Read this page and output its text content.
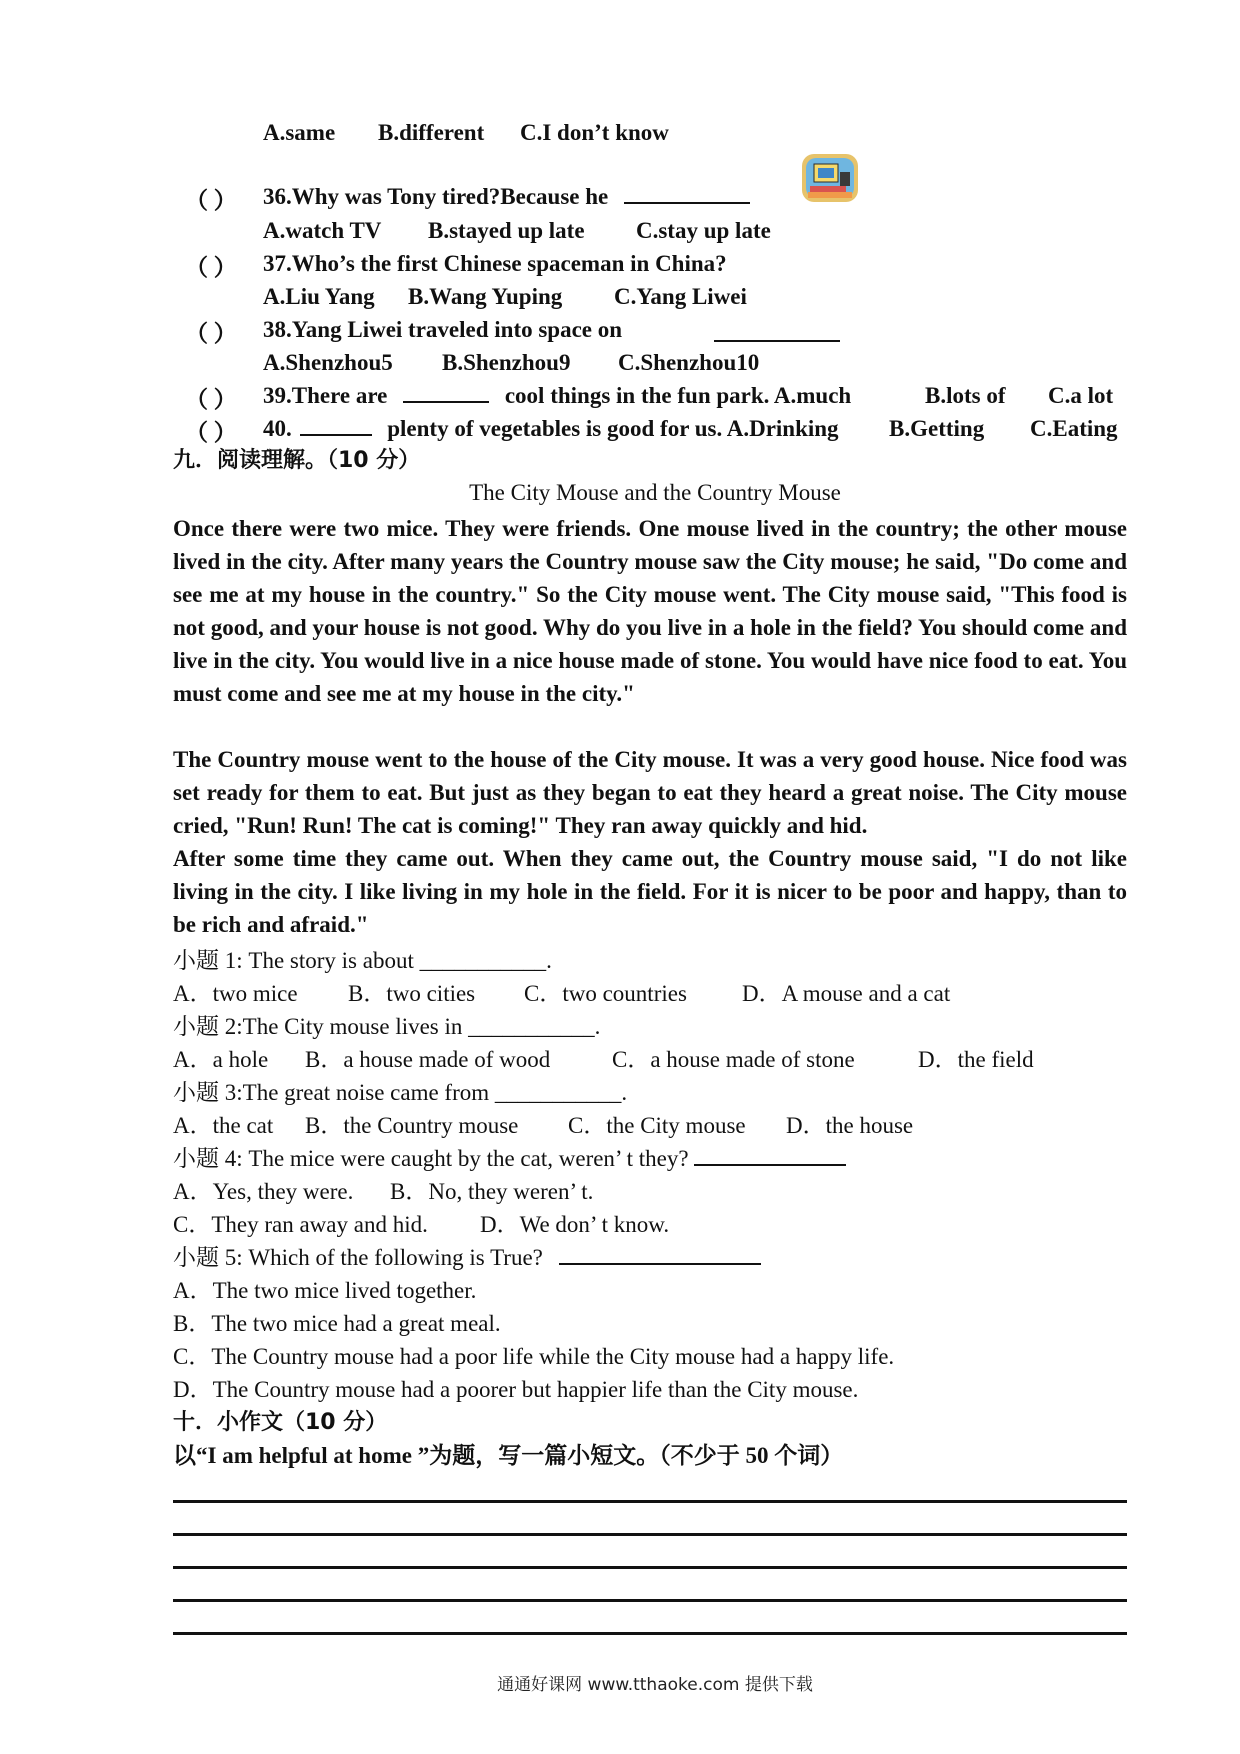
A.same B.different C.I don’t know
（ ） 36.Why was Tony tired?Because he
A.watch TV B.stayed up late C.stay up late
（ ） 37.Who’s the first Chinese spaceman in China?
A.Liu Yang B.Wang Yuping C.Yang Liwei
（ ） 38.Yang Liwei traveled into space on
A.Shenzhou5 B.Shenzhou9 C.Shenzhou10
（ ） 39.There are	cool things in the fun park. A.much	B.lots of C.a lot
（ ） 40.	plenty of vegetables is good for us. A.Drinking B.Getting C.Eating
九．阅读理解。（10 分）
The City Mouse and the Country Mouse
Once there were two mice. They were friends. One mouse lived in the country; the other mouse lived in the city. After many years the Country mouse saw the City mouse; he said, "Do come and see me at my house in the country." So the City mouse went. The City mouse said, "This food is not good, and your house is not good. Why do you live in a hole in the field? You should come and live in the city. You would live in a nice house made of stone. You would have nice food to eat. You must come and see me at my house in the city."
The Country mouse went to the house of the City mouse. It was a very good house. Nice food was set ready for them to eat. But just as they began to eat they heard a great noise. The City mouse cried, "Run! Run! The cat is coming!" They ran away quickly and hid.
After some time they came out. When they came out, the Country mouse said, "I do not like living in the city. I like living in my hole in the field. For it is nicer to be poor and happy, than to be rich and afraid."
小题 1: The story is about ___________.
A．two mice B．two cities C．two countries D．A mouse and a cat
小题 2:The City mouse lives in ___________.
A．a hole B．a house made of wood	C．a house made of stone	D．the field
小题 3:The great noise came from ___________.
A．the cat B．the Country mouse C．the City mouse D．the house
小题 4: The mice were caught by the cat, weren’ t they?
A．Yes, they were. B．No, they weren’ t.
C．They ran away and hid. D．We don’ t know.
小题 5: Which of the following is True?
A．The two mice lived together.
B．The two mice had a great meal.
C．The Country mouse had a poor life while the City mouse had a happy life.
D．The Country mouse had a poorer but happier life than the City mouse.
十．小作文（10 分）
以“I am helpful at home ”为题，写一篇小短文。（不少于 50 个词）
通通好课网 www.tthaoke.com 提供下载
